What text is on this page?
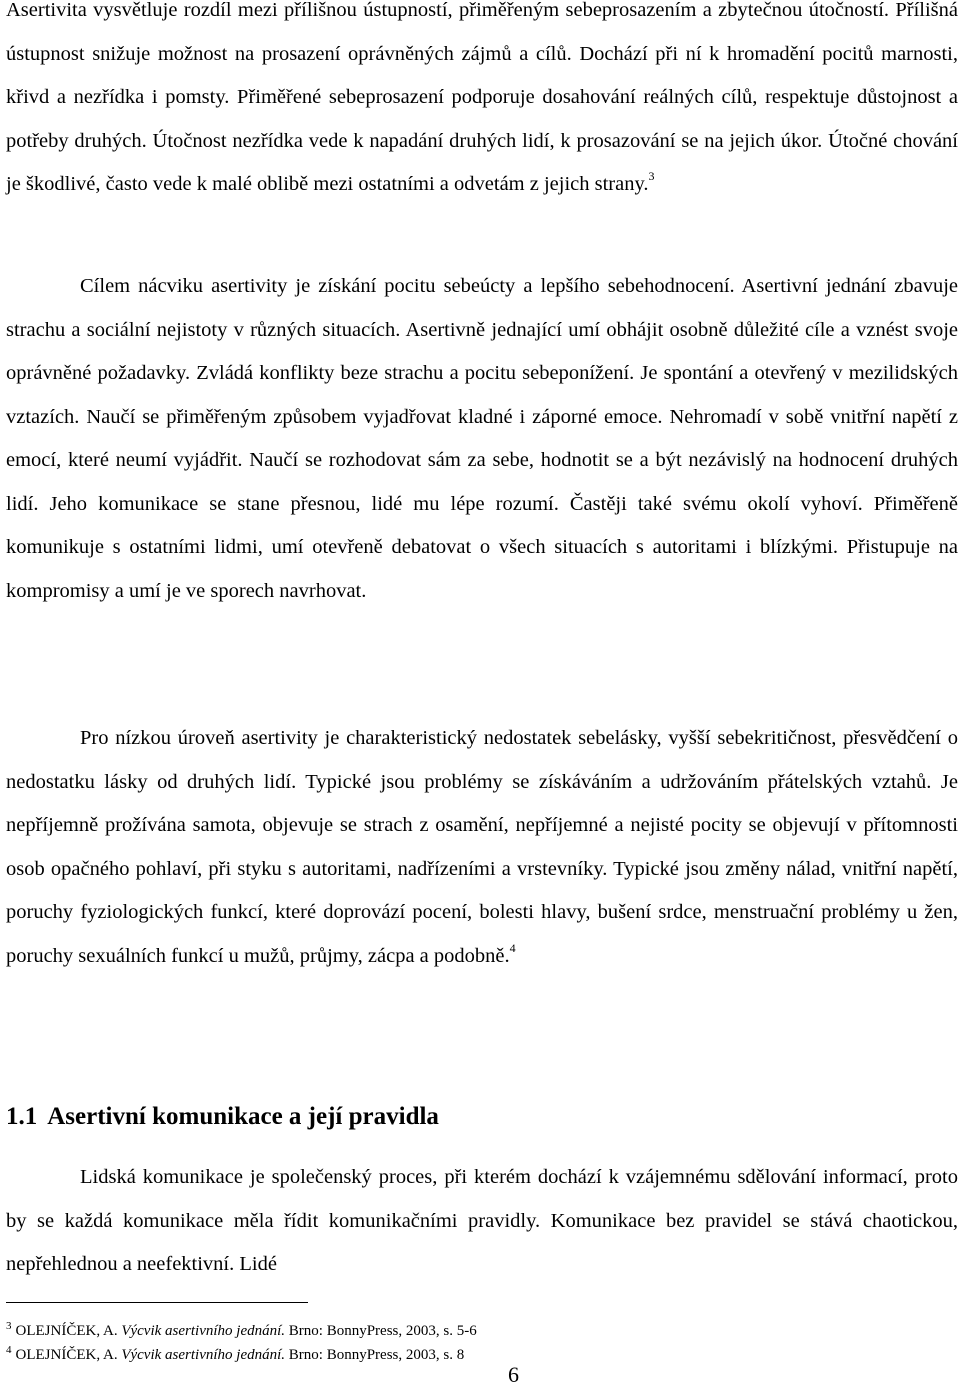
Asertivita vysvětluje rozdíl mezi přílišnou ústupností, přiměřeným sebeprosazením a zbytečnou útočností. Přílišná ústupnost snižuje možnost na prosazení oprávněných zájmů a cílů. Dochází při ní k hromadění pocitů marnosti, křivd a nezřídka i pomsty. Přiměřené sebeprosazení podporuje dosahování reálných cílů, respektuje důstojnost a potřeby druhých. Útočnost nezřídka vede k napadání druhých lidí, k prosazování se na jejich úkor. Útočné chování je škodlivé, často vede k malé oblibě mezi ostatními a odvetám z jejich strany.$^3$

Cílem nácviku asertivity je získání pocitu sebeúcty a lepšího sebehodnocení. Asertivní jednání zbavuje strachu a sociální nejistoty v různých situacích. Asertivně jednající umí obhájit osobně důležité cíle a vznést svoje oprávněné požadavky. Zvládá konflikty beze strachu a pocitu sebeponížení. Je spontání a otevřený v mezilidských vztazích. Naučí se přiměřeným způsobem vyjadřovat kladné i záporné emoce. Nehromadí v sobě vnitřní napětí z emocí, které neumí vyjádřit. Naučí se rozhodovat sám za sebe, hodnotit se a být nezávislý na hodnocení druhých lidí. Jeho komunikace se stane přesnou, lidé mu lépe rozumí. Častěji také svému okolí vyhoví. Přiměřeně komunikuje s ostatními lidmi, umí otevřeně debatovat o všech situacích s autoritami i blízkými. Přistupuje na kompromisy a umí je ve sporech navrhovat.

Pro nízkou úroveň asertivity je charakteristický nedostatek sebelásky, vyšší sebekritičnost, přesvědčení o nedostatku lásky od druhých lidí. Typické jsou problémy se získáváním a udržováním přátelských vztahů. Je nepříjemně prožívána samota, objevuje se strach z osamění, nepříjemné a nejisté pocity se objevují v přítomnosti osob opačného pohlaví, při styku s autoritami, nadřízeními a vrstevníky. Typické jsou změny nálad, vnitřní napětí, poruchy fyziologických funkcí, které doprovází pocení, bolesti hlavy, bušení srdce, menstruační problémy u žen, poruchy sexuálních funkcí u mužů, průjmy, zácpa a podobně.$^4$

1.1 Asertivní komunikace a její pravidla

Lidská komunikace je společenský proces, při kterém dochází k vzájemnému sdělování informací, proto by se každá komunikace měla řídit komunikačními pravidly. Komunikace bez pravidel se stává chaotickou, nepřehlednou a neefektivní. Lidé

$^3$ OLEJNÍČEK, A. Výcvik asertivního jednání. Brno: BonnyPress, 2003, s. 5-6

$^4$ OLEJNÍČEK, A. Výcvik asertivního jednání. Brno: BonnyPress, 2003, s. 8

6
